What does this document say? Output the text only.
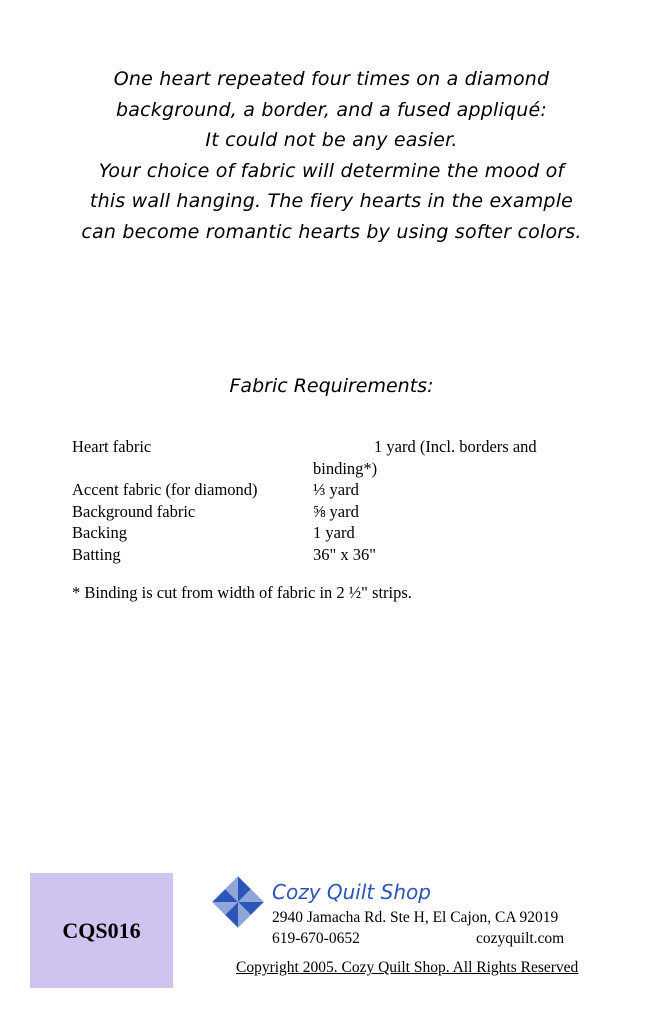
One heart repeated four times on a diamond
background, a border, and a fused appliqué:
It could not be any easier.
Your choice of fabric will determine the mood of
this wall hanging. The fiery hearts in the example
can become romantic hearts by using softer colors.
Fabric Requirements:
Heart fabric	1 yard (Incl. borders and
binding*)
Accent fabric (for diamond)	⅓ yard
Background fabric	⅝ yard
Backing	1 yard
Batting	36" x 36"
* Binding is cut from width of fabric in 2 ½" strips.
CQS016
Cozy Quilt Shop
2940 Jamacha Rd. Ste H, El Cajon, CA 92019
619-670-0652	cozyquilt.com
Copyright 2005. Cozy Quilt Shop. All Rights Reserved
